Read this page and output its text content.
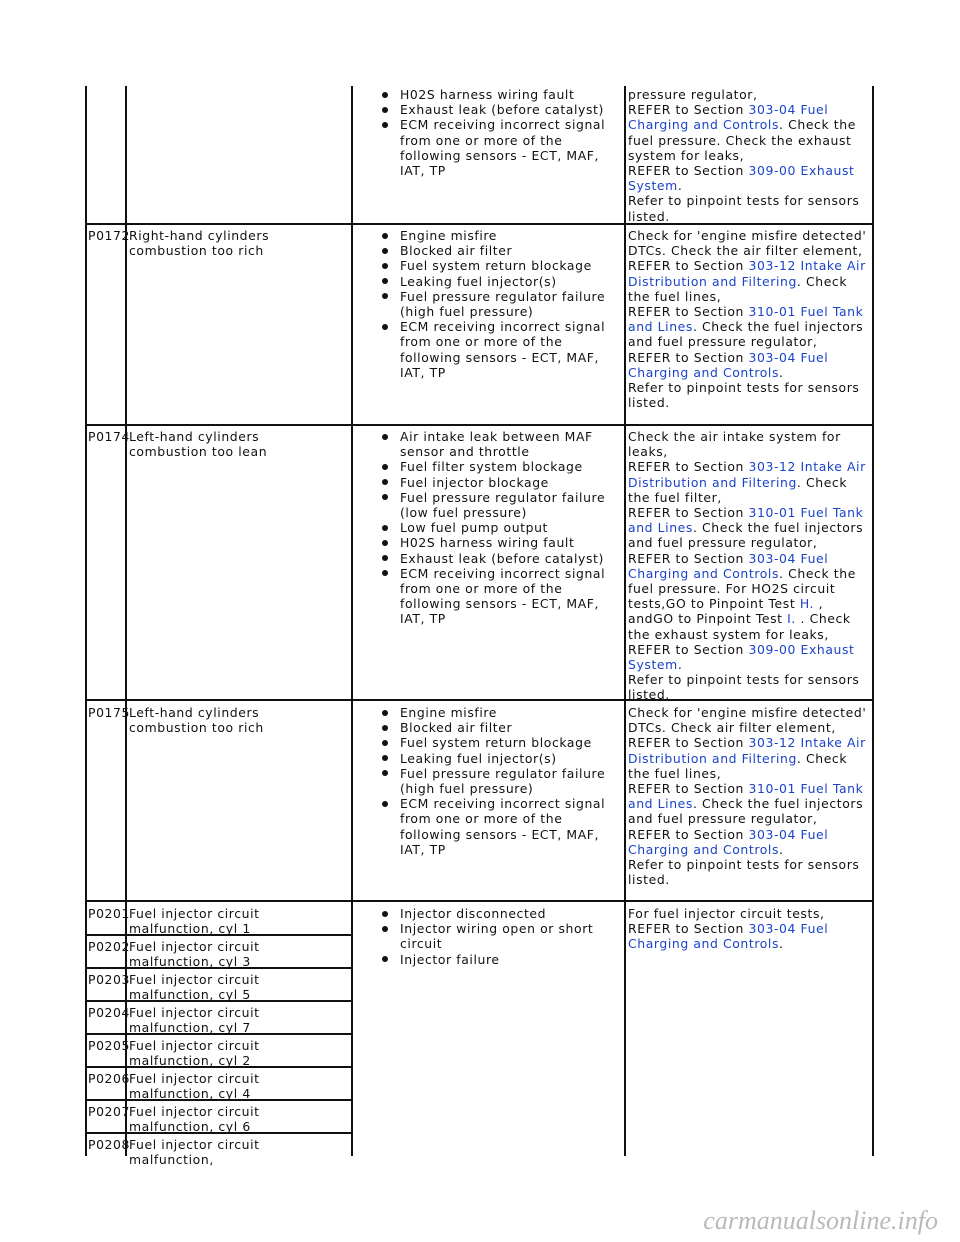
H02S harness wiring fault
Exhaust leak (before catalyst)
ECM receiving incorrect signal from one or more of the following sensors - ECT, MAF, IAT, TP

pressure regulator,

REFER to Section 303-04 Fuel Charging and Controls. Check the fuel pressure. Check the exhaust system for leaks,

REFER to Section 309-00 Exhaust System.

Refer to pinpoint tests for sensors listed.

P0172
Right-hand cylinders combustion too rich
Engine misfire
Blocked air filter
Fuel system return blockage
Leaking fuel injector(s)
Fuel pressure regulator failure (high fuel pressure)
ECM receiving incorrect signal from one or more of the following sensors - ECT, MAF, IAT, TP

Check for 'engine misfire detected' DTCs. Check the air filter element,

REFER to Section 303-12 Intake Air Distribution and Filtering. Check the fuel lines,

REFER to Section 310-01 Fuel Tank and Lines. Check the fuel injectors and fuel pressure regulator,

REFER to Section 303-04 Fuel Charging and Controls.

Refer to pinpoint tests for sensors listed.

P0174
Left-hand cylinders combustion too lean
Air intake leak between MAF sensor and throttle
Fuel filter system blockage
Fuel injector blockage
Fuel pressure regulator failure (low fuel pressure)
Low fuel pump output
H02S harness wiring fault
Exhaust leak (before catalyst)
ECM receiving incorrect signal from one or more of the following sensors - ECT, MAF, IAT, TP

Check the air intake system for leaks,

REFER to Section 303-12 Intake Air Distribution and Filtering. Check the fuel filter,

REFER to Section 310-01 Fuel Tank and Lines. Check the fuel injectors and fuel pressure regulator,

REFER to Section 303-04 Fuel Charging and Controls. Check the fuel pressure. For HO2S circuit tests,GO to Pinpoint Test H. , andGO to Pinpoint Test I. . Check the exhaust system for leaks,

REFER to Section 309-00 Exhaust System.

Refer to pinpoint tests for sensors listed.

P0175
Left-hand cylinders combustion too rich
Engine misfire
Blocked air filter
Fuel system return blockage
Leaking fuel injector(s)
Fuel pressure regulator failure (high fuel pressure)
ECM receiving incorrect signal from one or more of the following sensors - ECT, MAF, IAT, TP

Check for 'engine misfire detected' DTCs. Check air filter element,

REFER to Section 303-12 Intake Air Distribution and Filtering. Check the fuel lines,

REFER to Section 310-01 Fuel Tank and Lines. Check the fuel injectors and fuel pressure regulator,

REFER to Section 303-04 Fuel Charging and Controls.

Refer to pinpoint tests for sensors listed.

P0201
Fuel injector circuit malfunction, cyl 1
Injector disconnected
Injector wiring open or short circuit
Injector failure

For fuel injector circuit tests,

REFER to Section 303-04 Fuel Charging and Controls.

P0202
Fuel injector circuit malfunction, cyl 3
P0203
Fuel injector circuit malfunction, cyl 5
P0204
Fuel injector circuit malfunction, cyl 7
P0205
Fuel injector circuit malfunction, cyl 2
P0206
Fuel injector circuit malfunction, cyl 4
P0207
Fuel injector circuit malfunction, cyl 6
P0208
Fuel injector circuit malfunction,
carmanualsonline.info
